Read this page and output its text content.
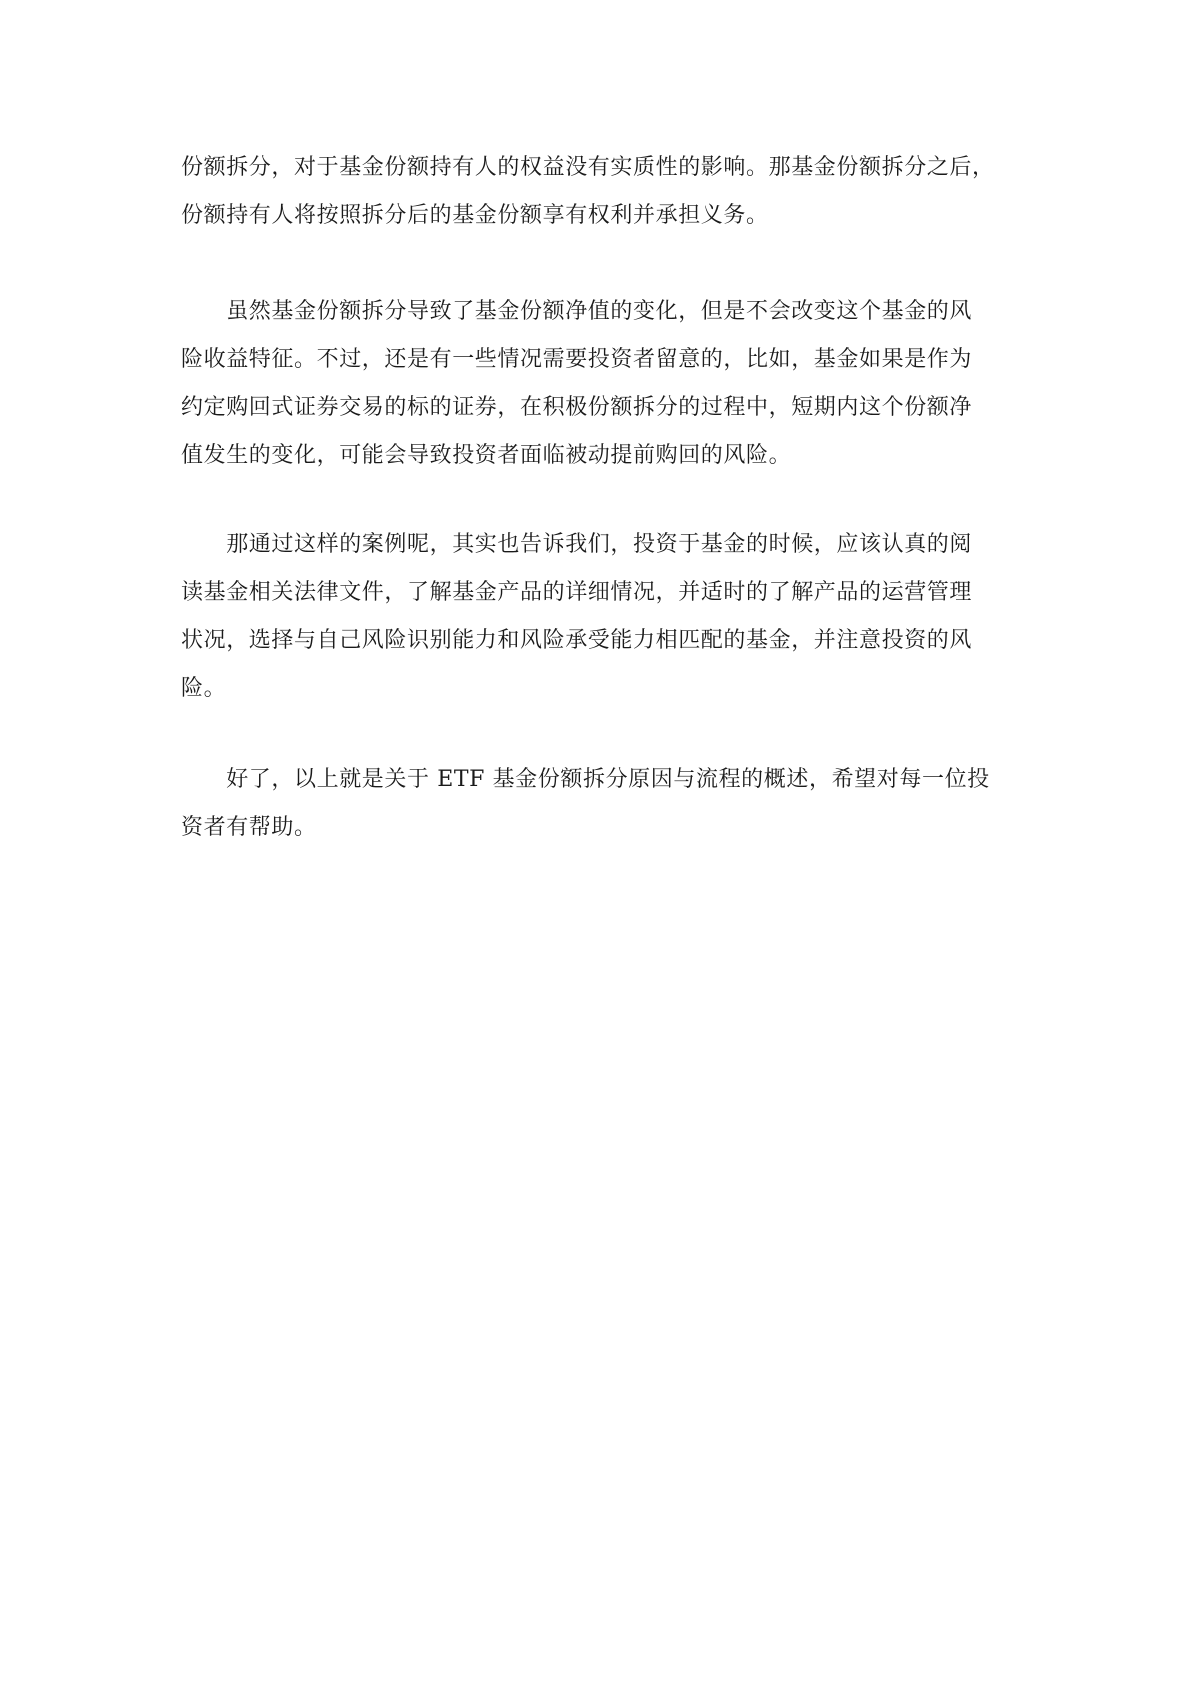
份额拆分，对于基金份额持有人的权益没有实质性的影响。那基金份额拆分之后，
份额持有人将按照拆分后的基金份额享有权利并承担义务。
　　虽然基金份额拆分导致了基金份额净值的变化，但是不会改变这个基金的风
险收益特征。不过，还是有一些情况需要投资者留意的，比如，基金如果是作为
约定购回式证券交易的标的证券，在积极份额拆分的过程中，短期内这个份额净
值发生的变化，可能会导致投资者面临被动提前购回的风险。
　　那通过这样的案例呢，其实也告诉我们，投资于基金的时候，应该认真的阅
读基金相关法律文件，了解基金产品的详细情况，并适时的了解产品的运营管理
状况，选择与自己风险识别能力和风险承受能力相匹配的基金，并注意投资的风
险。
　　好了，以上就是关于 ETF 基金份额拆分原因与流程的概述，希望对每一位投
资者有帮助。
